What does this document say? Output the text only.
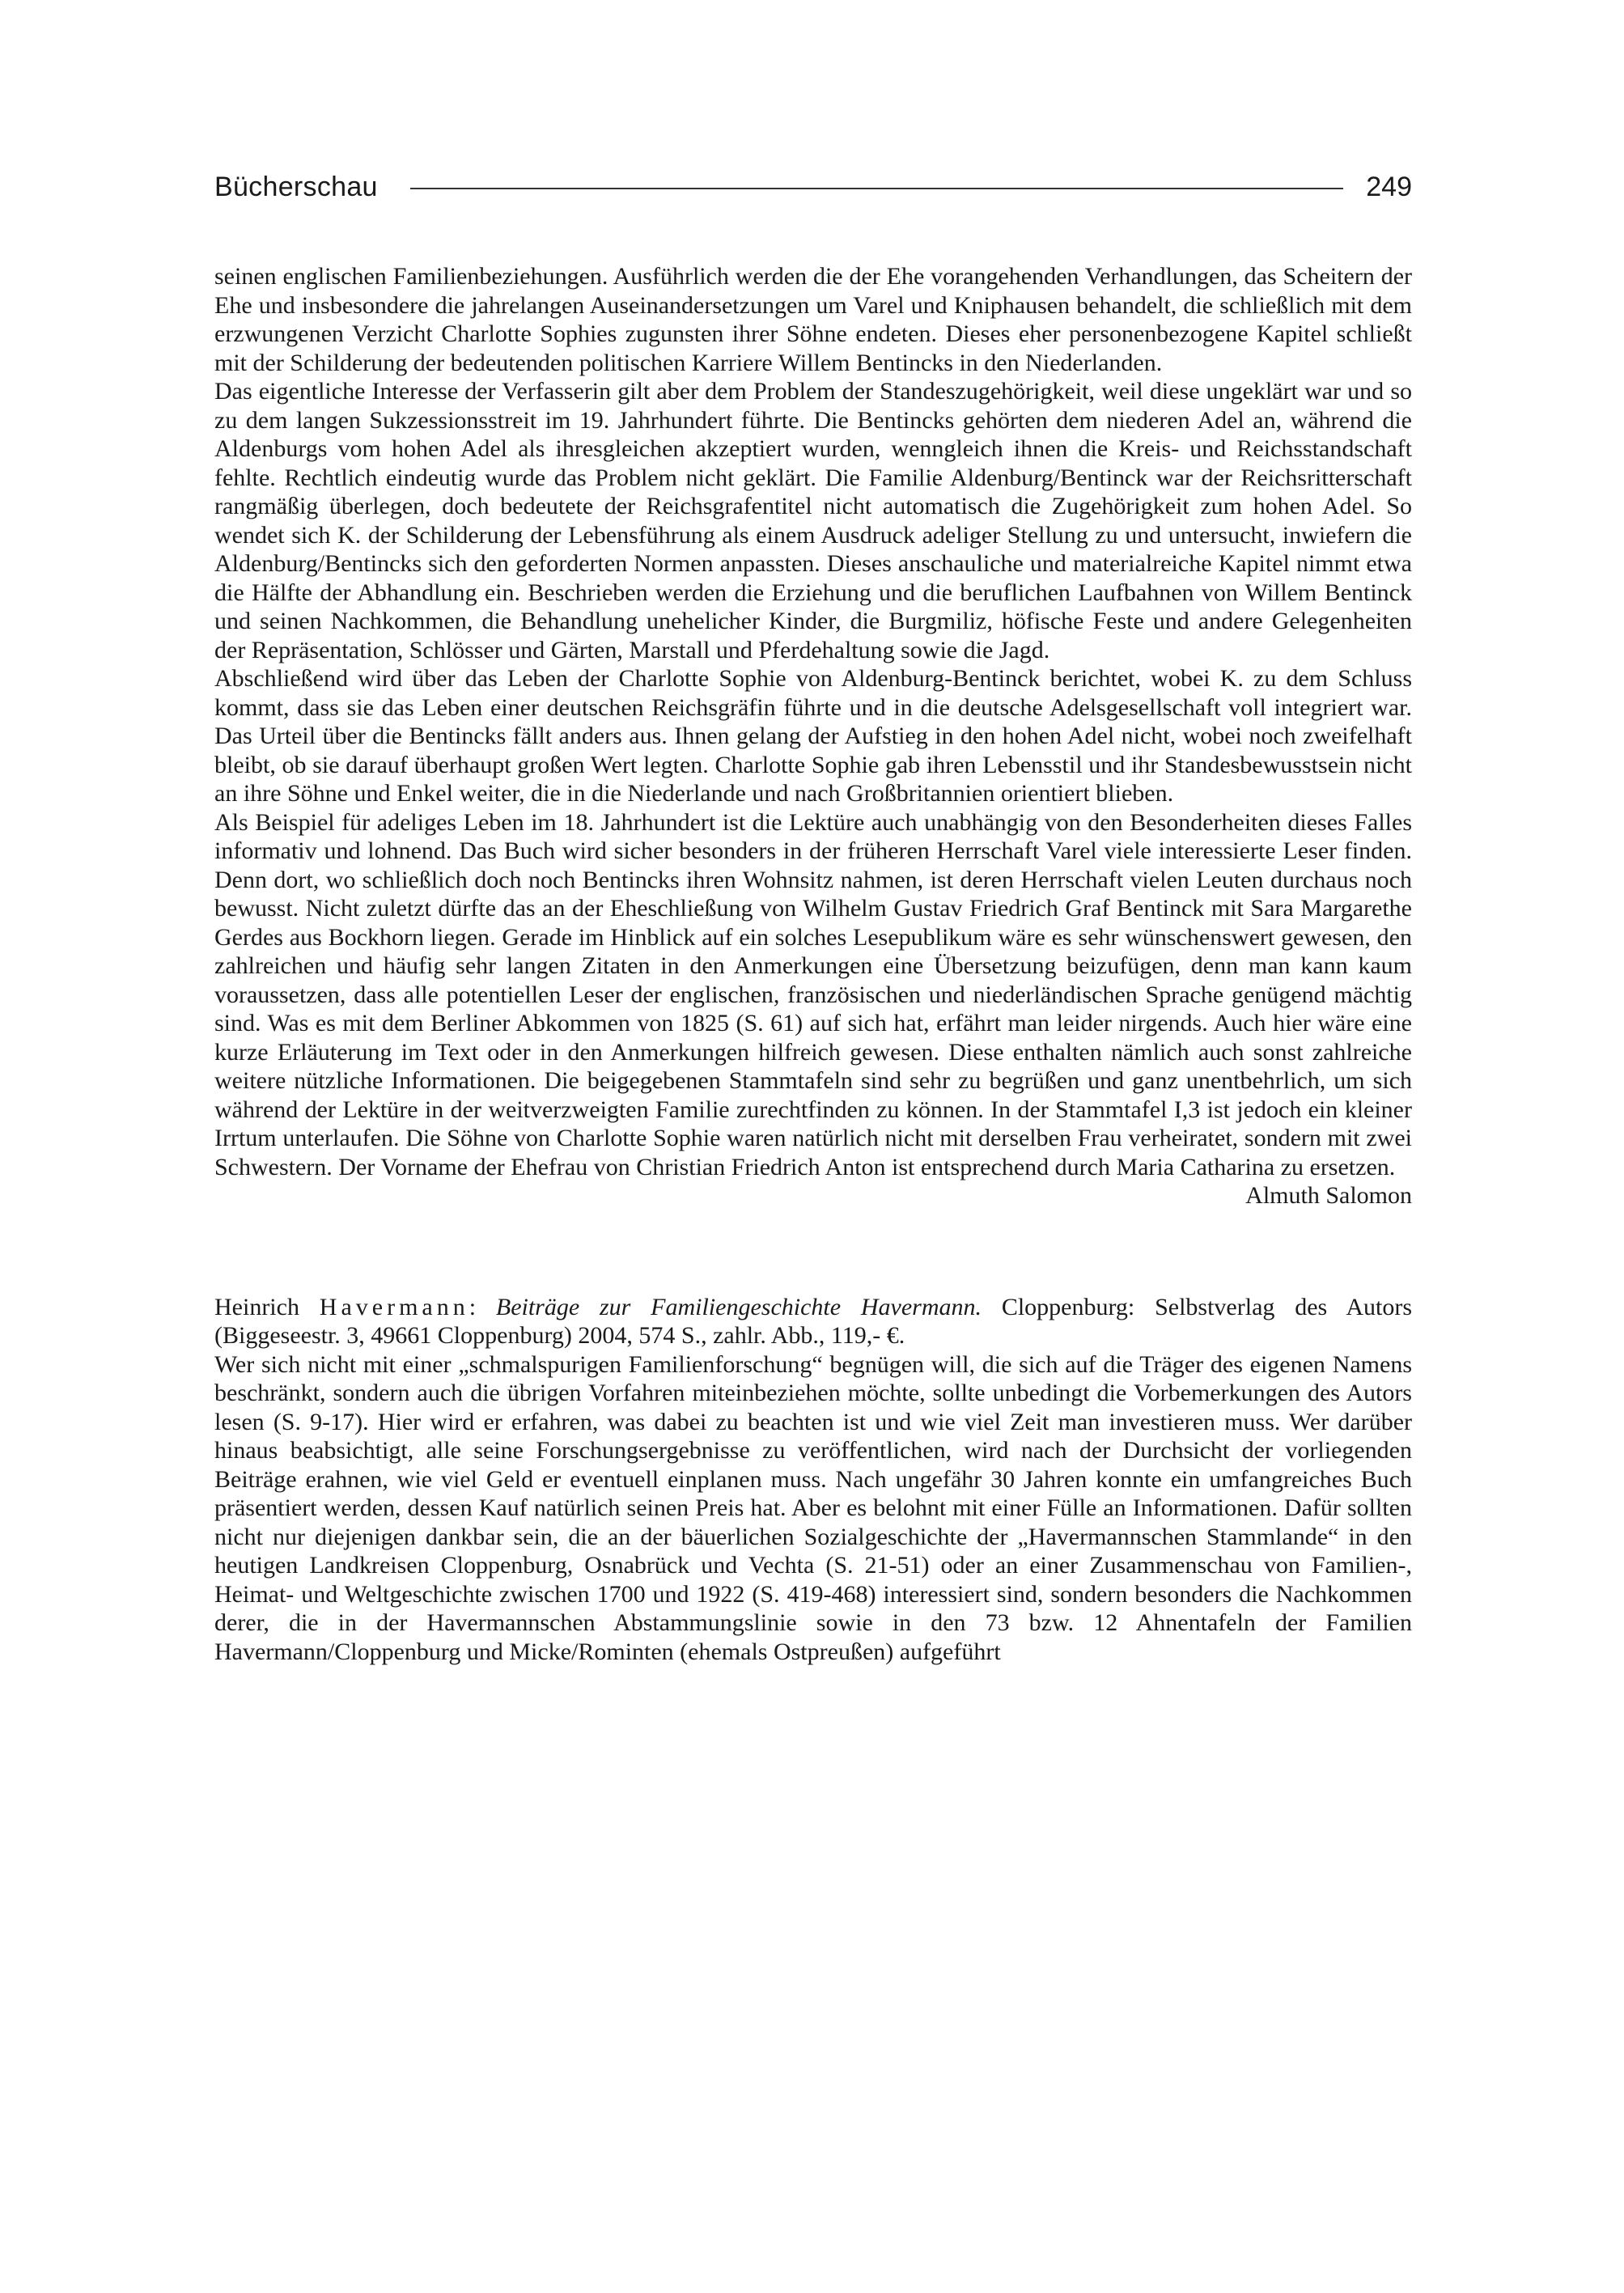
Bücherschau	249

seinen englischen Familienbeziehungen. Ausführlich werden die der Ehe vorangehenden Verhandlungen, das Scheitern der Ehe und insbesondere die jahrelangen Auseinandersetzungen um Varel und Kniphausen behandelt, die schließlich mit dem erzwungenen Verzicht Charlotte Sophies zugunsten ihrer Söhne endeten. Dieses eher personenbezogene Kapitel schließt mit der Schilderung der bedeutenden politischen Karriere Willem Bentincks in den Niederlanden.

Das eigentliche Interesse der Verfasserin gilt aber dem Problem der Standeszugehörigkeit, weil diese ungeklärt war und so zu dem langen Sukzessionsstreit im 19. Jahrhundert führte. Die Bentincks gehörten dem niederen Adel an, während die Aldenburgs vom hohen Adel als ihresgleichen akzeptiert wurden, wenngleich ihnen die Kreis- und Reichsstandschaft fehlte. Rechtlich eindeutig wurde das Problem nicht geklärt. Die Familie Aldenburg/Bentinck war der Reichsritterschaft rangmäßig überlegen, doch bedeutete der Reichsgrafentitel nicht automatisch die Zugehörigkeit zum hohen Adel. So wendet sich K. der Schilderung der Lebensführung als einem Ausdruck adeliger Stellung zu und untersucht, inwiefern die Aldenburg/Bentincks sich den geforderten Normen anpassten. Dieses anschauliche und materialreiche Kapitel nimmt etwa die Hälfte der Abhandlung ein. Beschrieben werden die Erziehung und die beruflichen Laufbahnen von Willem Bentinck und seinen Nachkommen, die Behandlung unehelicher Kinder, die Burgmiliz, höfische Feste und andere Gelegenheiten der Repräsentation, Schlösser und Gärten, Marstall und Pferdehaltung sowie die Jagd.

Abschließend wird über das Leben der Charlotte Sophie von Aldenburg-Bentinck berichtet, wobei K. zu dem Schluss kommt, dass sie das Leben einer deutschen Reichsgräfin führte und in die deutsche Adelsgesellschaft voll integriert war. Das Urteil über die Bentincks fällt anders aus. Ihnen gelang der Aufstieg in den hohen Adel nicht, wobei noch zweifelhaft bleibt, ob sie darauf überhaupt großen Wert legten. Charlotte Sophie gab ihren Lebensstil und ihr Standesbewusstsein nicht an ihre Söhne und Enkel weiter, die in die Niederlande und nach Großbritannien orientiert blieben.

Als Beispiel für adeliges Leben im 18. Jahrhundert ist die Lektüre auch unabhängig von den Besonderheiten dieses Falles informativ und lohnend. Das Buch wird sicher besonders in der früheren Herrschaft Varel viele interessierte Leser finden. Denn dort, wo schließlich doch noch Bentincks ihren Wohnsitz nahmen, ist deren Herrschaft vielen Leuten durchaus noch bewusst. Nicht zuletzt dürfte das an der Eheschließung von Wilhelm Gustav Friedrich Graf Bentinck mit Sara Margarethe Gerdes aus Bockhorn liegen. Gerade im Hinblick auf ein solches Lesepublikum wäre es sehr wünschenswert gewesen, den zahlreichen und häufig sehr langen Zitaten in den Anmerkungen eine Übersetzung beizufügen, denn man kann kaum voraussetzen, dass alle potentiellen Leser der englischen, französischen und niederländischen Sprache genügend mächtig sind. Was es mit dem Berliner Abkommen von 1825 (S. 61) auf sich hat, erfährt man leider nirgends. Auch hier wäre eine kurze Erläuterung im Text oder in den Anmerkungen hilfreich gewesen. Diese enthalten nämlich auch sonst zahlreiche weitere nützliche Informationen. Die beigegebenen Stammtafeln sind sehr zu begrüßen und ganz unentbehrlich, um sich während der Lektüre in der weitverzweigten Familie zurechtfinden zu können. In der Stammtafel I,3 ist jedoch ein kleiner Irrtum unterlaufen. Die Söhne von Charlotte Sophie waren natürlich nicht mit derselben Frau verheiratet, sondern mit zwei Schwestern. Der Vorname der Ehefrau von Christian Friedrich Anton ist entsprechend durch Maria Catharina zu ersetzen.

Almuth Salomon

Heinrich Havermann: Beiträge zur Familiengeschichte Havermann. Cloppenburg: Selbstverlag des Autors (Biggeseestr. 3, 49661 Cloppenburg) 2004, 574 S., zahlr. Abb., 119,- €.

Wer sich nicht mit einer „schmalspurigen Familienforschung“ begnügen will, die sich auf die Träger des eigenen Namens beschränkt, sondern auch die übrigen Vorfahren miteinbeziehen möchte, sollte unbedingt die Vorbemerkungen des Autors lesen (S. 9-17). Hier wird er erfahren, was dabei zu beachten ist und wie viel Zeit man investieren muss. Wer darüber hinaus beabsichtigt, alle seine Forschungsergebnisse zu veröffentlichen, wird nach der Durchsicht der vorliegenden Beiträge erahnen, wie viel Geld er eventuell einplanen muss. Nach ungefähr 30 Jahren konnte ein umfangreiches Buch präsentiert werden, dessen Kauf natürlich seinen Preis hat. Aber es belohnt mit einer Fülle an Informationen. Dafür sollten nicht nur diejenigen dankbar sein, die an der bäuerlichen Sozialgeschichte der „Havermannschen Stammlande“ in den heutigen Landkreisen Cloppenburg, Osnabrück und Vechta (S. 21-51) oder an einer Zusammenschau von Familien-, Heimat- und Weltgeschichte zwischen 1700 und 1922 (S. 419-468) interessiert sind, sondern besonders die Nachkommen derer, die in der Havermannschen Abstammungslinie sowie in den 73 bzw. 12 Ahnentafeln der Familien Havermann/Cloppenburg und Micke/Rominten (ehemals Ostpreußen) aufgeführt
